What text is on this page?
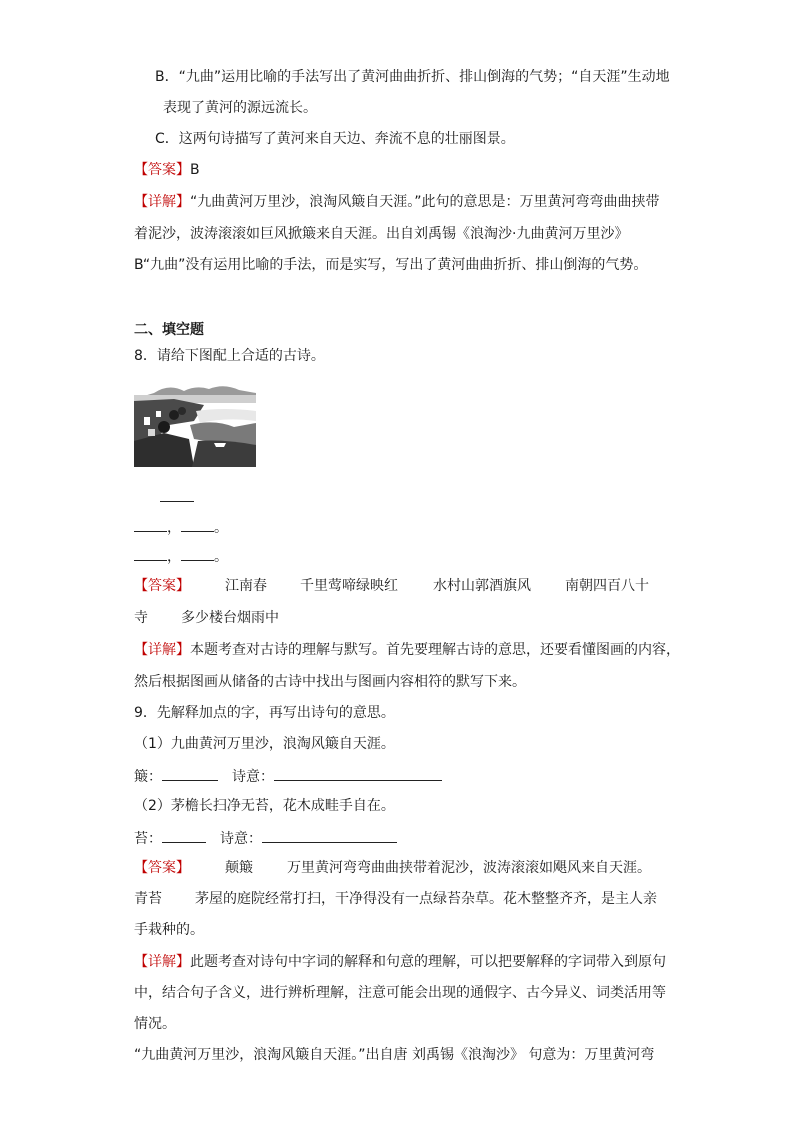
B．“九曲”运用比喻的手法写出了黄河曲曲折折、排山倒海的气势；“自天涯”生动地
表现了黄河的源远流长。
C．这两句诗描写了黄河来自天边、奔流不息的壮丽图景。
【答案】B
【详解】“九曲黄河万里沙，浪淘风簸自天涯。”此句的意思是：万里黄河弯弯曲曲挟带
着泥沙，波涛滚滚如巨风掀簸来自天涯。出自刘禹锡《浪淘沙·九曲黄河万里沙》
B“九曲”没有运用比喻的手法，而是实写，写出了黄河曲曲折折、排山倒海的气势。
二、填空题
8．请给下图配上合适的古诗。
， 。
， 。
【答案】	江南春 千里莺啼绿映红	水村山郭酒旗风 南朝四百八十
寺 多少楼台烟雨中
【详解】本题考查对古诗的理解与默写。首先要理解古诗的意思，还要看懂图画的内容，
然后根据图画从储备的古诗中找出与图画内容相符的默写下来。
9．先解释加点的字，再写出诗句的意思。
（1）九曲黄河万里沙，浪淘风簸自天涯。
簸：	诗意：
（2）茅檐长扫净无苔，花木成畦手自在。
苔：	诗意：
【答案】	颠簸 万里黄河弯弯曲曲挟带着泥沙，波涛滚滚如飓风来自天涯。
青苔 茅屋的庭院经常打扫，干净得没有一点绿苔杂草。花木整整齐齐，是主人亲
手栽种的。
【详解】此题考查对诗句中字词的解释和句意的理解，可以把要解释的字词带入到原句
中，结合句子含义，进行辨析理解，注意可能会出现的通假字、古今异义、词类活用等
情况。
“九曲黄河万里沙，浪淘风簸自天涯。”出自唐 刘禹锡《浪淘沙》 句意为：万里黄河弯
